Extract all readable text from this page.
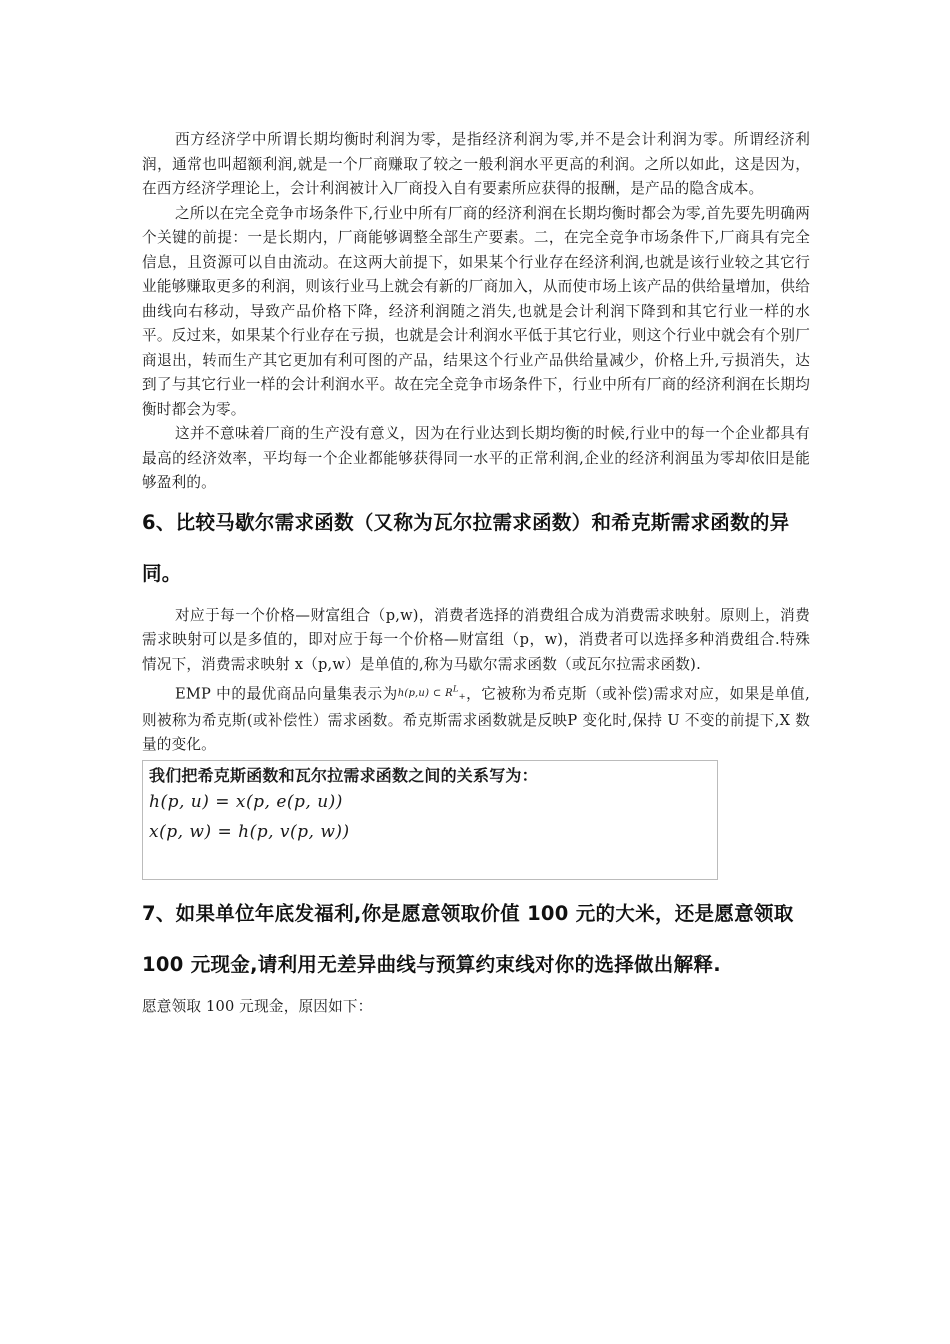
西方经济学中所谓长期均衡时利润为零，是指经济利润为零,并不是会计利润为零。所谓经济利润，通常也叫超额利润,就是一个厂商赚取了较之一般利润水平更高的利润。之所以如此，这是因为，在西方经济学理论上，会计利润被计入厂商投入自有要素所应获得的报酬，是产品的隐含成本。

之所以在完全竞争市场条件下,行业中所有厂商的经济利润在长期均衡时都会为零,首先要先明确两个关键的前提：一是长期内，厂商能够调整全部生产要素。二，在完全竞争市场条件下,厂商具有完全信息，且资源可以自由流动。在这两大前提下，如果某个行业存在经济利润,也就是该行业较之其它行业能够赚取更多的利润，则该行业马上就会有新的厂商加入，从而使市场上该产品的供给量增加，供给曲线向右移动，导致产品价格下降，经济利润随之消失,也就是会计利润下降到和其它行业一样的水平。反过来，如果某个行业存在亏损，也就是会计利润水平低于其它行业，则这个行业中就会有个别厂商退出，转而生产其它更加有利可图的产品，结果这个行业产品供给量减少，价格上升,亏损消失，达到了与其它行业一样的会计利润水平。故在完全竞争市场条件下，行业中所有厂商的经济利润在长期均衡时都会为零。

这并不意味着厂商的生产没有意义，因为在行业达到长期均衡的时候,行业中的每一个企业都具有最高的经济效率，平均每一个企业都能够获得同一水平的正常利润,企业的经济利润虽为零却依旧是能够盈利的。

6、比较马歇尔需求函数（又称为瓦尔拉需求函数）和希克斯需求函数的异同。

对应于每一个价格—财富组合（p,w)，消费者选择的消费组合成为消费需求映射。原则上，消费需求映射可以是多值的，即对应于每一个价格—财富组（p，w)，消费者可以选择多种消费组合.特殊情况下，消费需求映射 x（p,w）是单值的,称为马歇尔需求函数（或瓦尔拉需求函数).

EMP 中的最优商品向量集表示为h(p,u) ⊂ $R^L_+$，它被称为希克斯（或补偿)需求对应，如果是单值,则被称为希克斯(或补偿性）需求函数。希克斯需求函数就是反映P 变化时,保持 U 不变的前提下,X 数量的变化。

我们把希克斯函数和瓦尔拉需求函数之间的关系写为：
h(p, u) = x(p, e(p, u))
x(p, w) = h(p, v(p, w))
7、如果单位年底发福利,你是愿意领取价值 100 元的大米，还是愿意领取 100 元现金,请利用无差异曲线与预算约束线对你的选择做出解释.

愿意领取 100 元现金，原因如下：
